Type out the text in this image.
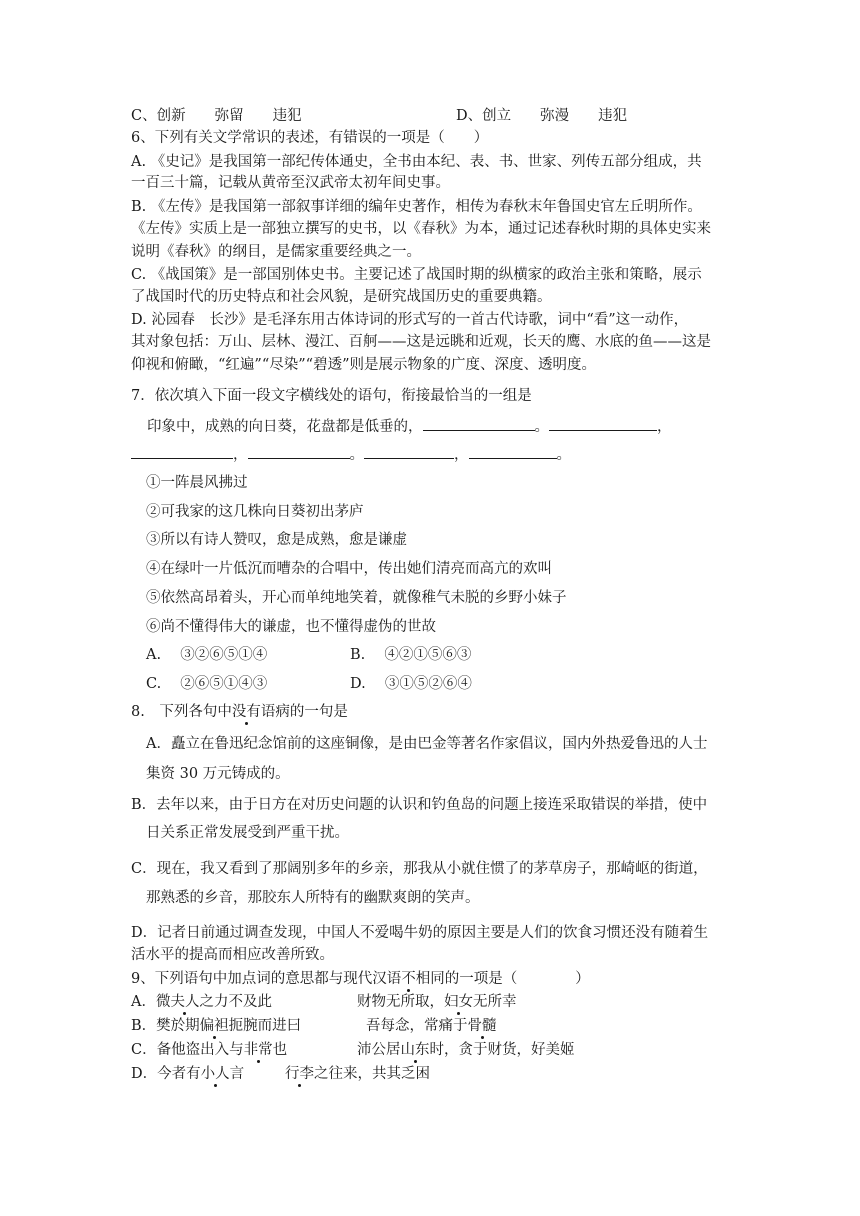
C、创新　　弥留　　违犯	D、创立　　弥漫　　违犯
6、下列有关文学常识的表述，有错误的一项是（　　）
A. 《史记》是我国第一部纪传体通史，全书由本纪、表、书、世家、列传五部分组成，共
一百三十篇，记载从黄帝至汉武帝太初年间史事。
B. 《左传》是我国第一部叙事详细的编年史著作，相传为春秋末年鲁国史官左丘明所作。
《左传》实质上是一部独立撰写的史书，以《春秋》为本，通过记述春秋时期的具体史实来
说明《春秋》的纲目，是儒家重要经典之一。
C. 《战国策》是一部国别体史书。主要记述了战国时期的纵横家的政治主张和策略，展示
了战国时代的历史特点和社会风貌，是研究战国历史的重要典籍。
D. 沁园春　长沙》是毛泽东用古体诗词的形式写的一首古代诗歌，词中“看”这一动作，
其对象包括：万山、层林、漫江、百舸——这是远眺和近观，长天的鹰、水底的鱼——这是
仰视和俯瞰，“红遍”“尽染”“碧透”则是展示物象的广度、深度、透明度。
7．依次填入下面一段文字横线处的语句，衔接最恰当的一组是
印象中，成熟的向日葵，花盘都是低垂的，	。	，
，	。	，	。
①一阵晨风拂过
②可我家的这几株向日葵初出茅庐
③所以有诗人赞叹，愈是成熟，愈是谦虚
④在绿叶一片低沉而嘈杂的合唱中，传出她们清亮而高亢的欢叫
⑤依然高昂着头，开心而单纯地笑着，就像稚气未脱的乡野小妹子
⑥尚不懂得伟大的谦虚，也不懂得虚伪的世故
A.　 ③②⑥⑤①④	B.　 ④②①⑤⑥③
C.　 ②⑥⑤①④③	D.　 ③①⑤②⑥④
8.　下列各句中没有语病的一句是
A．矗立在鲁迅纪念馆前的这座铜像，是由巴金等著名作家倡议，国内外热爱鲁迅的人士
集资 30 万元铸成的。
B．去年以来，由于日方在对历史问题的认识和钓鱼岛的问题上接连采取错误的举措，使中
日关系正常发展受到严重干扰。
C．现在，我又看到了那阔别多年的乡亲，那我从小就住惯了的茅草房子，那崎岖的街道，
那熟悉的乡音，那胶东人所特有的幽默爽朗的笑声。
D．记者日前通过调查发现，中国人不爱喝牛奶的原因主要是人们的饮食习惯还没有随着生
活水平的提高而相应改善所致。
9、下列语句中加点词的意思都与现代汉语不相同的一项是（　　　　）
A．微夫人之力不及此	财物无所取，妇女无所幸
B．樊於期偏袒扼腕而进曰	吾每念，常痛于骨髓
C．备他盗出入与非常也	沛公居山东时，贪于财货，好美姬
D．今者有小人言	行李之往来，共其乏困
